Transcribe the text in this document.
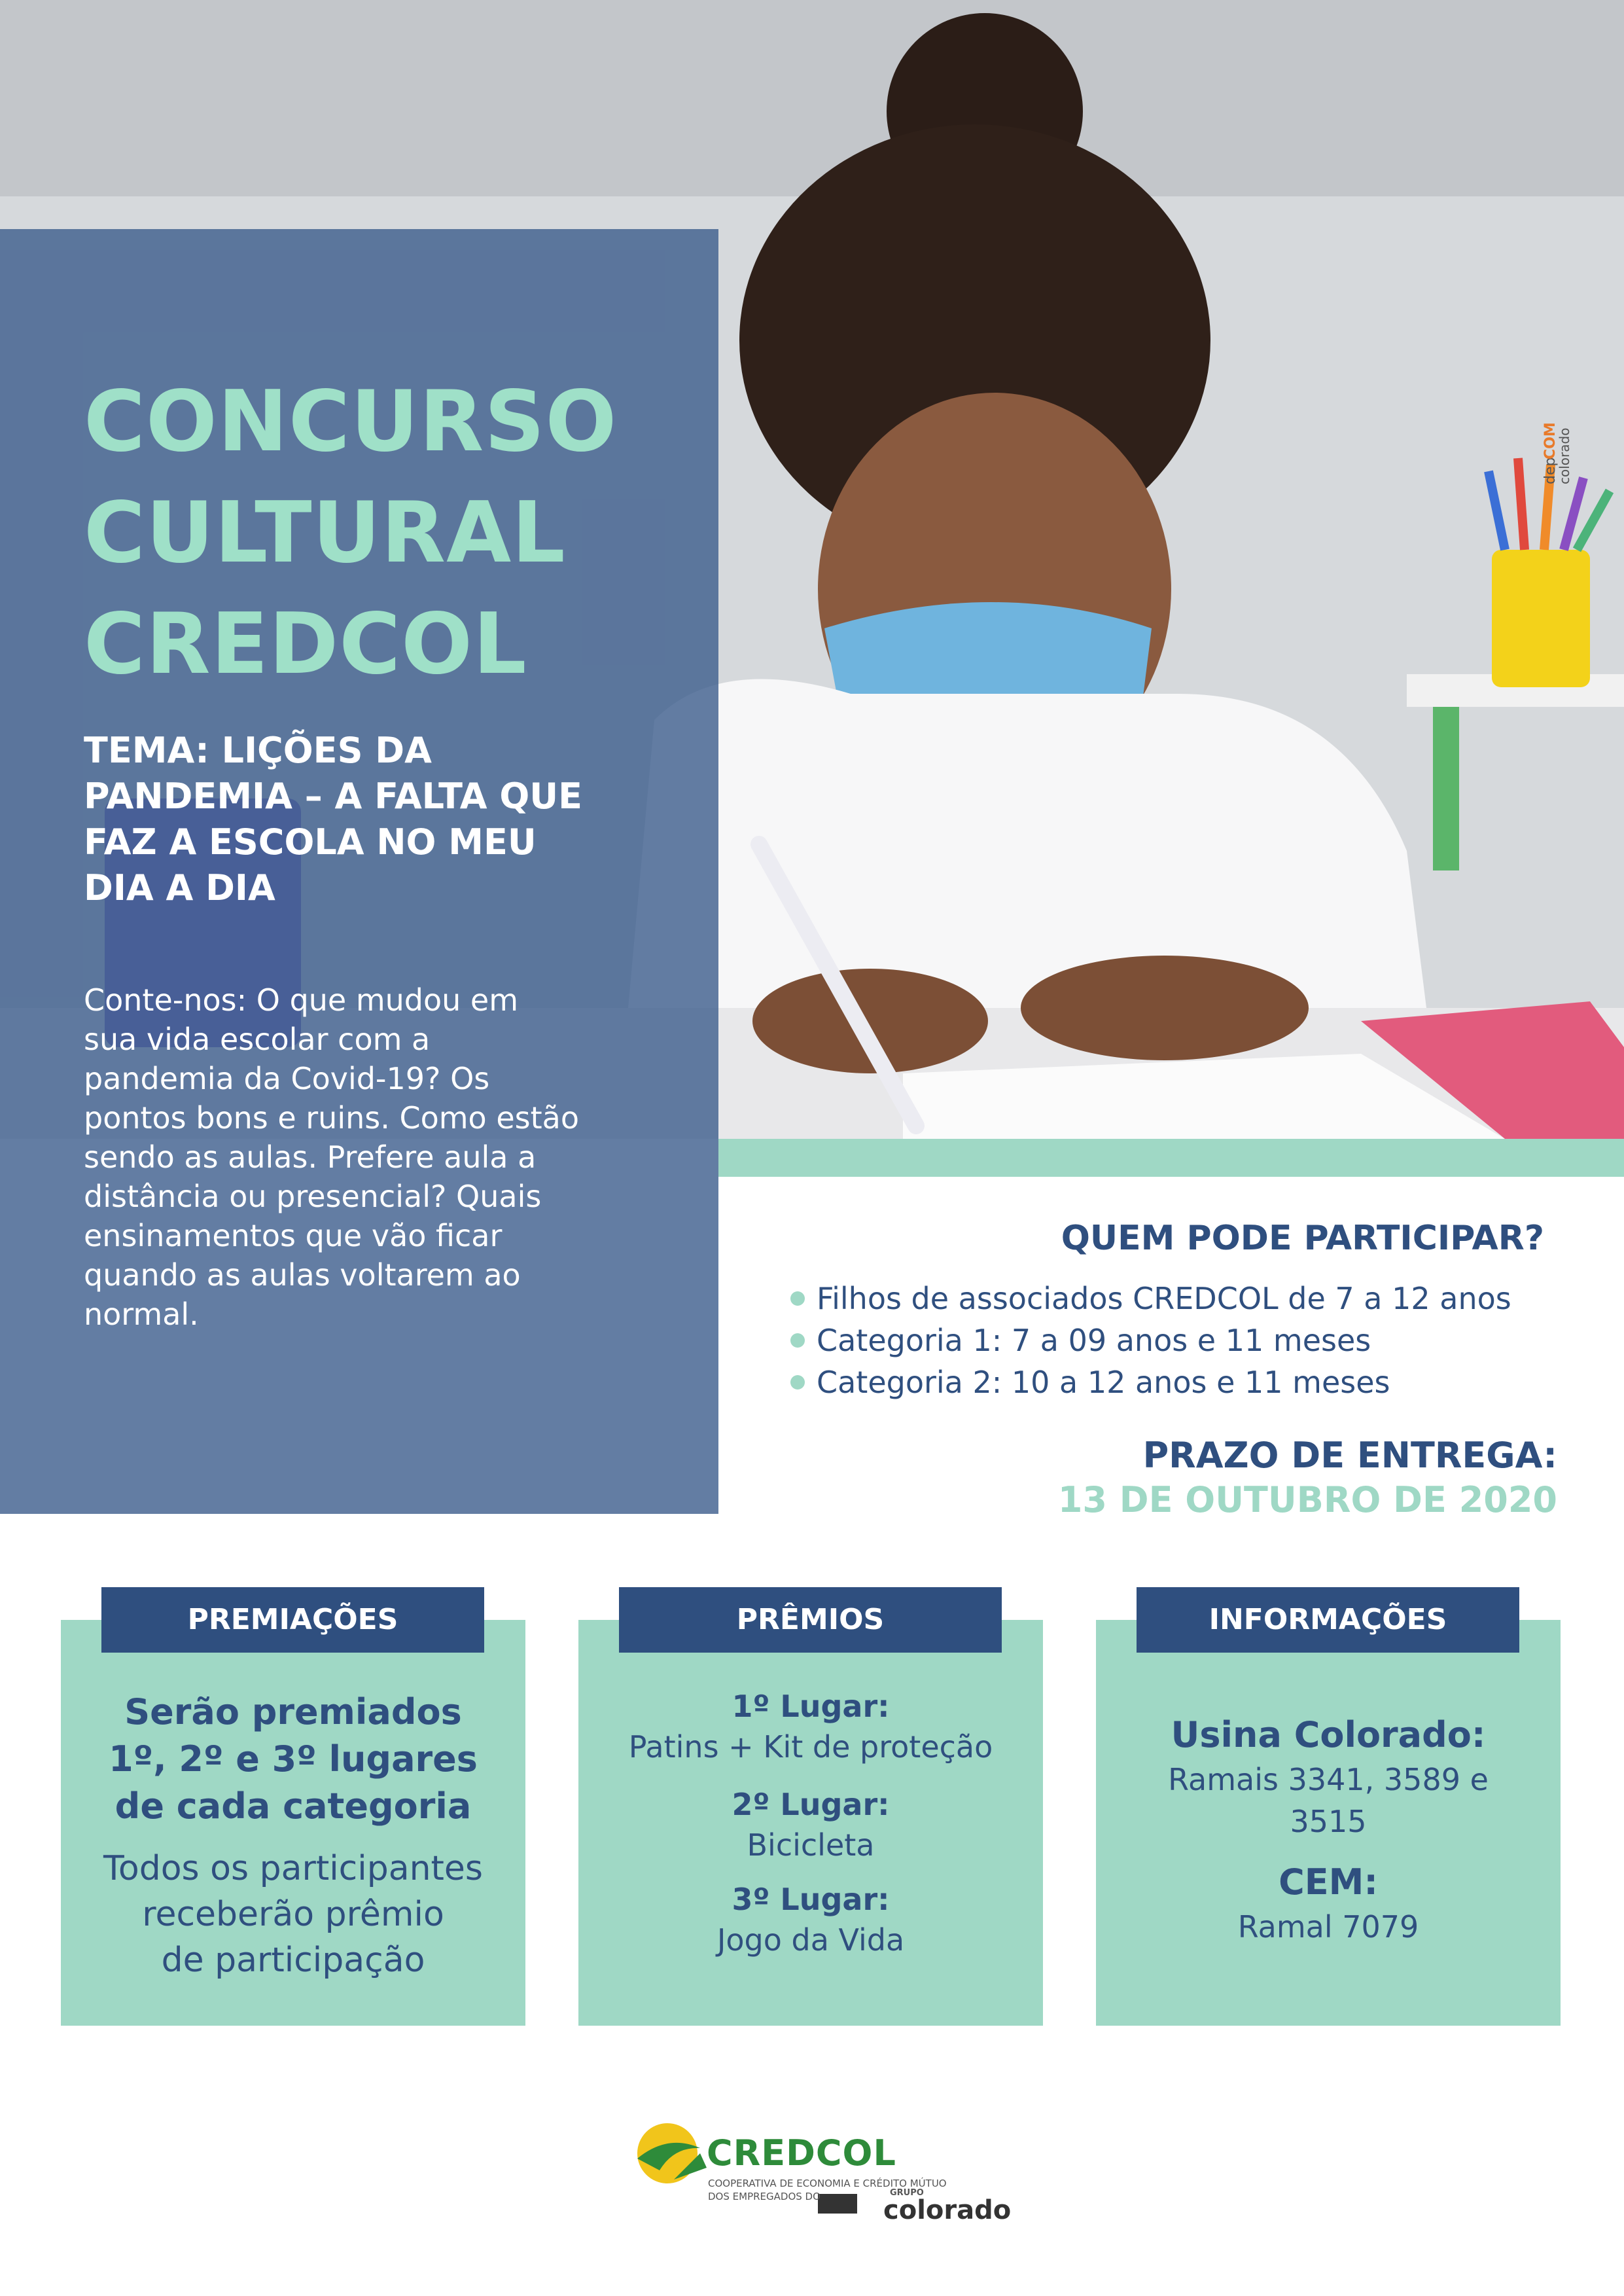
CONCURSO
CULTURAL
CREDCOL
TEMA: LIÇÕES DA
PANDEMIA – A FALTA QUE
FAZ A ESCOLA NO MEU
DIA A DIA
Conte-nos: O que mudou em
sua vida escolar com a
pandemia da Covid-19? Os
pontos bons e ruins. Como estão
sendo as aulas. Prefere aula a
distância ou presencial? Quais
ensinamentos que vão ficar
quando as aulas voltarem ao
normal.
dep
COM
colorado
QUEM PODE PARTICIPAR?
Filhos de associados CREDCOL de 7 a 12 anos
Categoria 1: 7 a 09 anos e 11 meses
Categoria 2: 10 a 12 anos e 11 meses
PRAZO DE ENTREGA:
13 DE OUTUBRO DE 2020
Serão premiados
1º, 2º e 3º lugares
de cada categoria
Todos os participantes
receberão prêmio
de participação
PREMIAÇÕES
1º Lugar:
Patins + Kit de proteção
2º Lugar:
Bicicleta
3º Lugar:
Jogo da Vida
PRÊMIOS
Usina Colorado:
Ramais 3341, 3589 e
3515
CEM:
Ramal 7079
INFORMAÇÕES
CREDCOL
COOPERATIVA DE ECONOMIA E CRÉDITO MÚTUO
DOS EMPREGADOS DO	GRUPO
colorado
